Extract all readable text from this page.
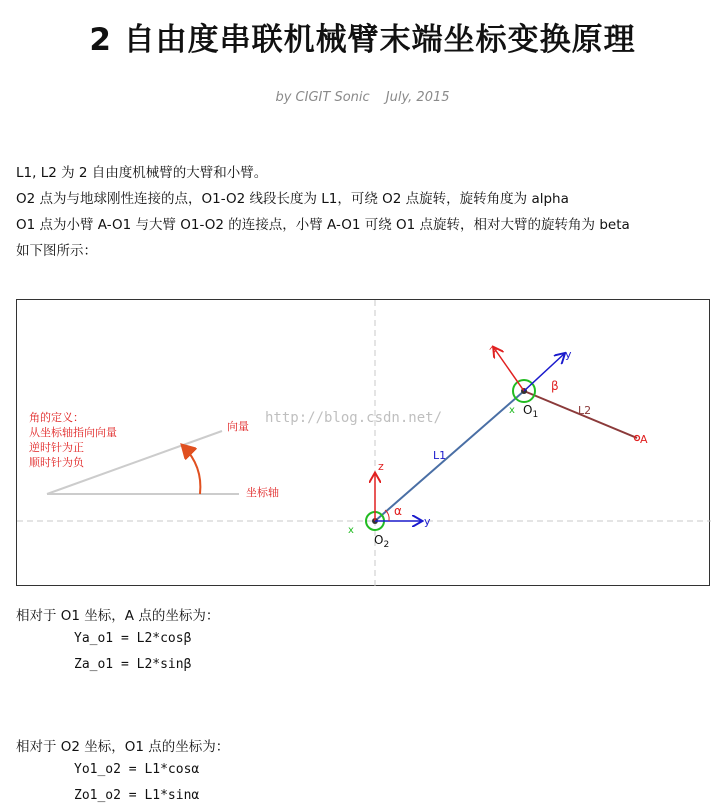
2 自由度串联机械臂末端坐标变换原理
by CIGIT Sonic July, 2015

L1, L2 为 2 自由度机械臂的大臂和小臂。

O2 点为与地球刚性连接的点，O1-O2 线段长度为 L1，可绕 O2 点旋转，旋转角度为 alpha

O1 点为小臂 A-O1 与大臂 O1-O2 的连接点，小臂 A-O1 可绕 O1 点旋转，相对大臂的旋转角为 beta

如下图所示：

向量
坐标轴
角的定义：
从坐标轴指向向量
逆时针为正
顺时针为负
http://blog.csdn.net/
L1
L2
A
z
y
x
α
$O_2$
z	y
x
β
$O_1$
相对于 O1 坐标，A 点的坐标为：
Ya_o1 = L2*cosβ
Za_o1 = L2*sinβ
相对于 O2 坐标，O1 点的坐标为：
Yo1_o2 = L1*cosα
Zo1_o2 = L1*sinα
